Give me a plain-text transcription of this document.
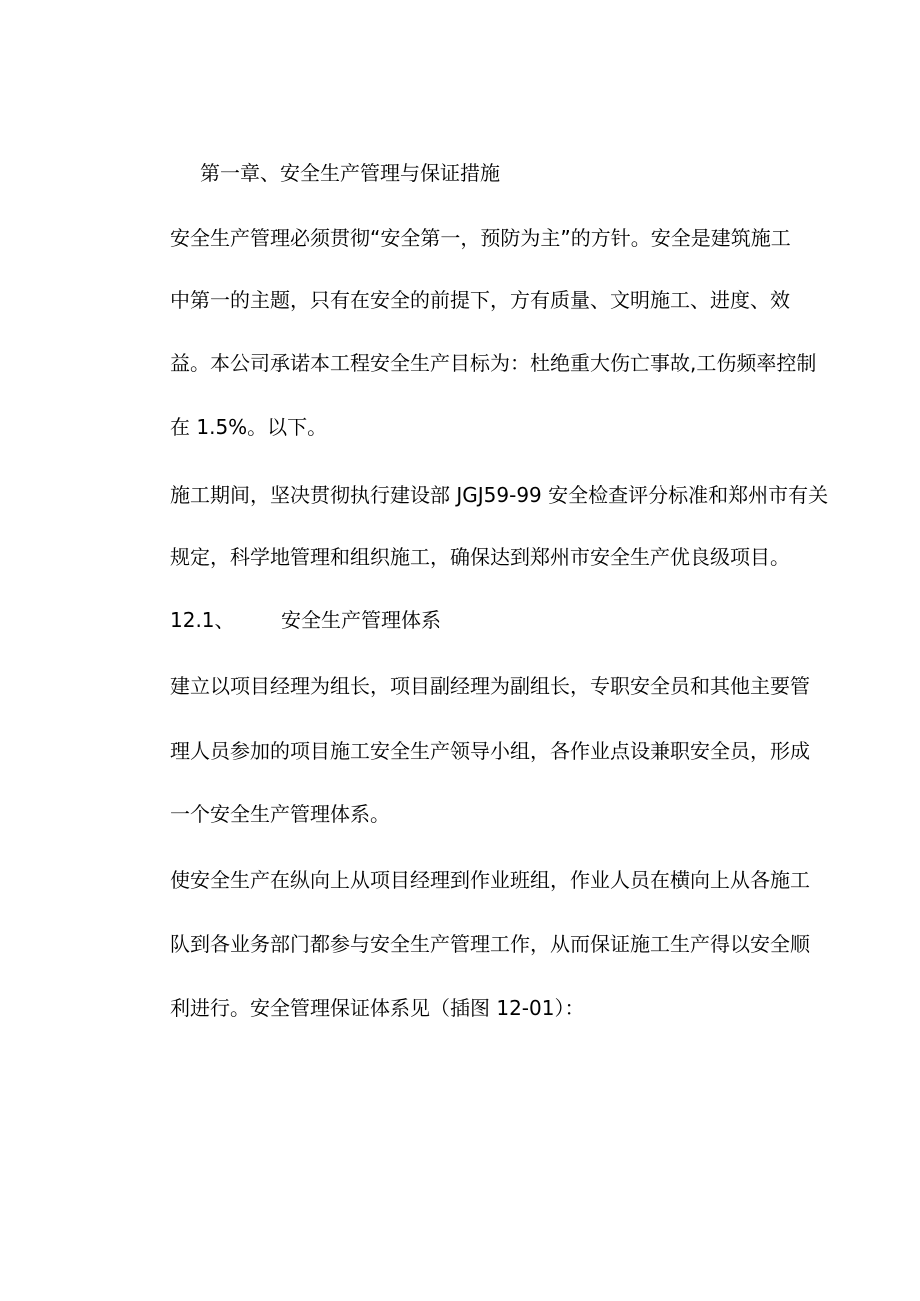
第一章、安全生产管理与保证措施
安全生产管理必须贯彻“安全第一，预防为主”的方针。安全是建筑施工
中第一的主题，只有在安全的前提下，方有质量、文明施工、进度、效
益。本公司承诺本工程安全生产目标为：杜绝重大伤亡事故,工伤频率控制
在 1.5%。以下。
施工期间，坚决贯彻执行建设部 JGJ59-99 安全检查评分标准和郑州市有关
规定，科学地管理和组织施工，确保达到郑州市安全生产优良级项目。
12.1、 安全生产管理体系
建立以项目经理为组长，项目副经理为副组长，专职安全员和其他主要管
理人员参加的项目施工安全生产领导小组，各作业点设兼职安全员，形成
一个安全生产管理体系。
使安全生产在纵向上从项目经理到作业班组，作业人员在横向上从各施工
队到各业务部门都参与安全生产管理工作，从而保证施工生产得以安全顺
利进行。安全管理保证体系见（插图 12-01）：
